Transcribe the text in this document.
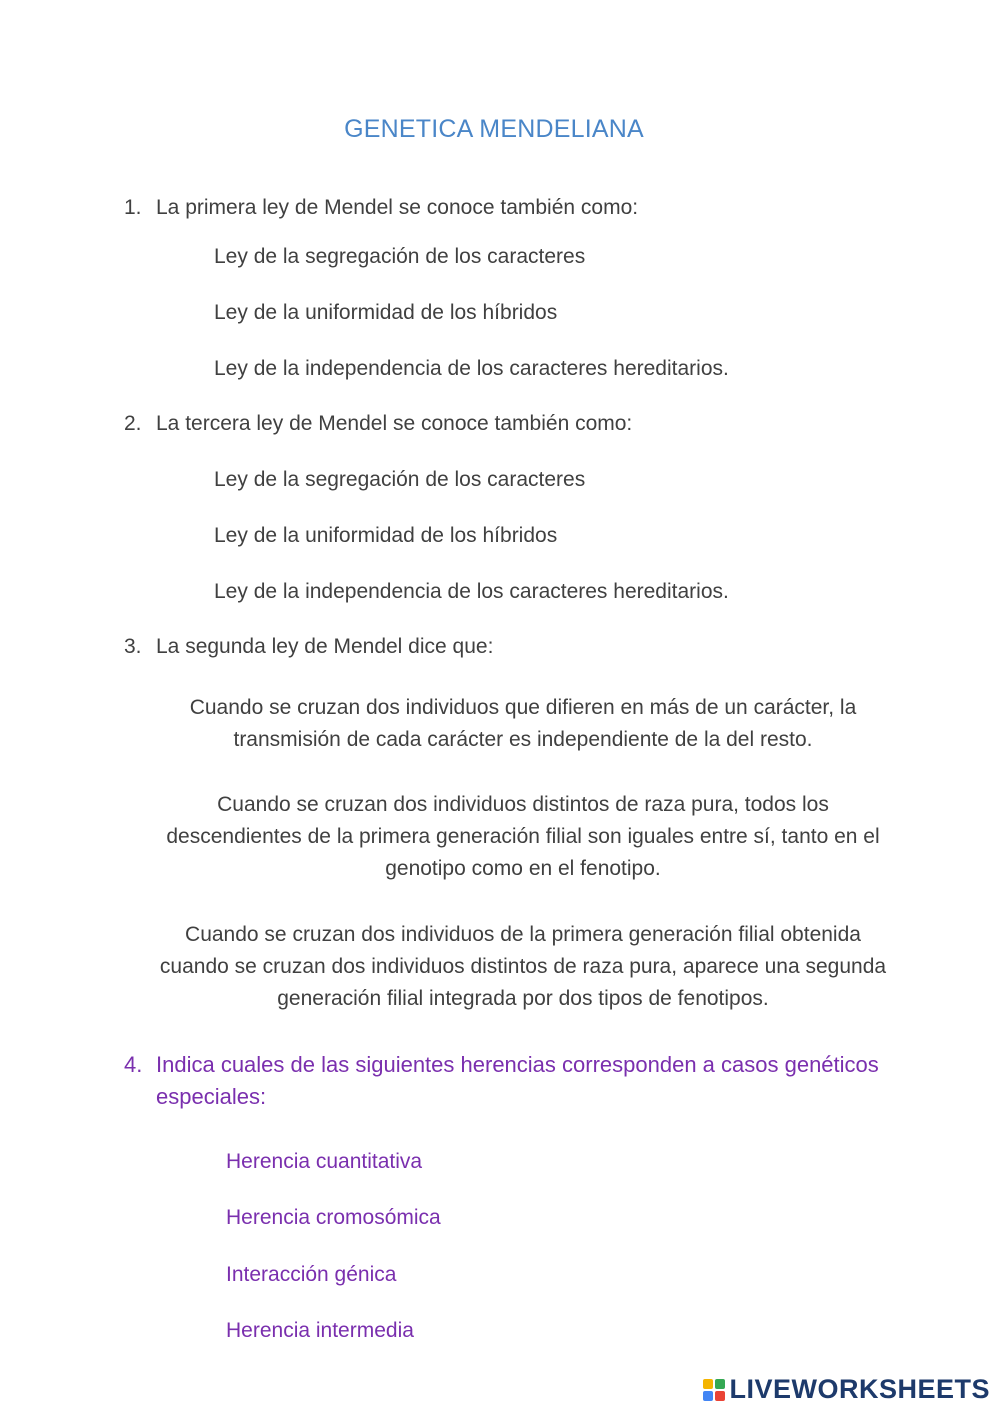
GENETICA MENDELIANA
1. La primera ley de Mendel se conoce también como:
Ley de la segregación de los caracteres
Ley de la uniformidad de los híbridos
Ley de la independencia de los caracteres hereditarios.
2. La tercera ley de Mendel se conoce también como:
Ley de la segregación de los caracteres
Ley de la uniformidad de los híbridos
Ley de la independencia de los caracteres hereditarios.
3. La segunda ley de Mendel dice que:
Cuando se cruzan dos individuos que difieren en más de un carácter, la transmisión de cada carácter es independiente de la del resto.
Cuando se cruzan dos individuos distintos de raza pura, todos los descendientes de la primera generación filial son iguales entre sí, tanto en el genotipo como en el fenotipo.
Cuando se cruzan dos individuos de la primera generación filial obtenida cuando se cruzan dos individuos distintos de raza pura, aparece una segunda generación filial integrada por dos tipos de fenotipos.
4. Indica cuales de las siguientes herencias corresponden a casos genéticos especiales:
Herencia cuantitativa
Herencia cromosómica
Interacción génica
Herencia intermedia
LIVEWORKSHEETS
